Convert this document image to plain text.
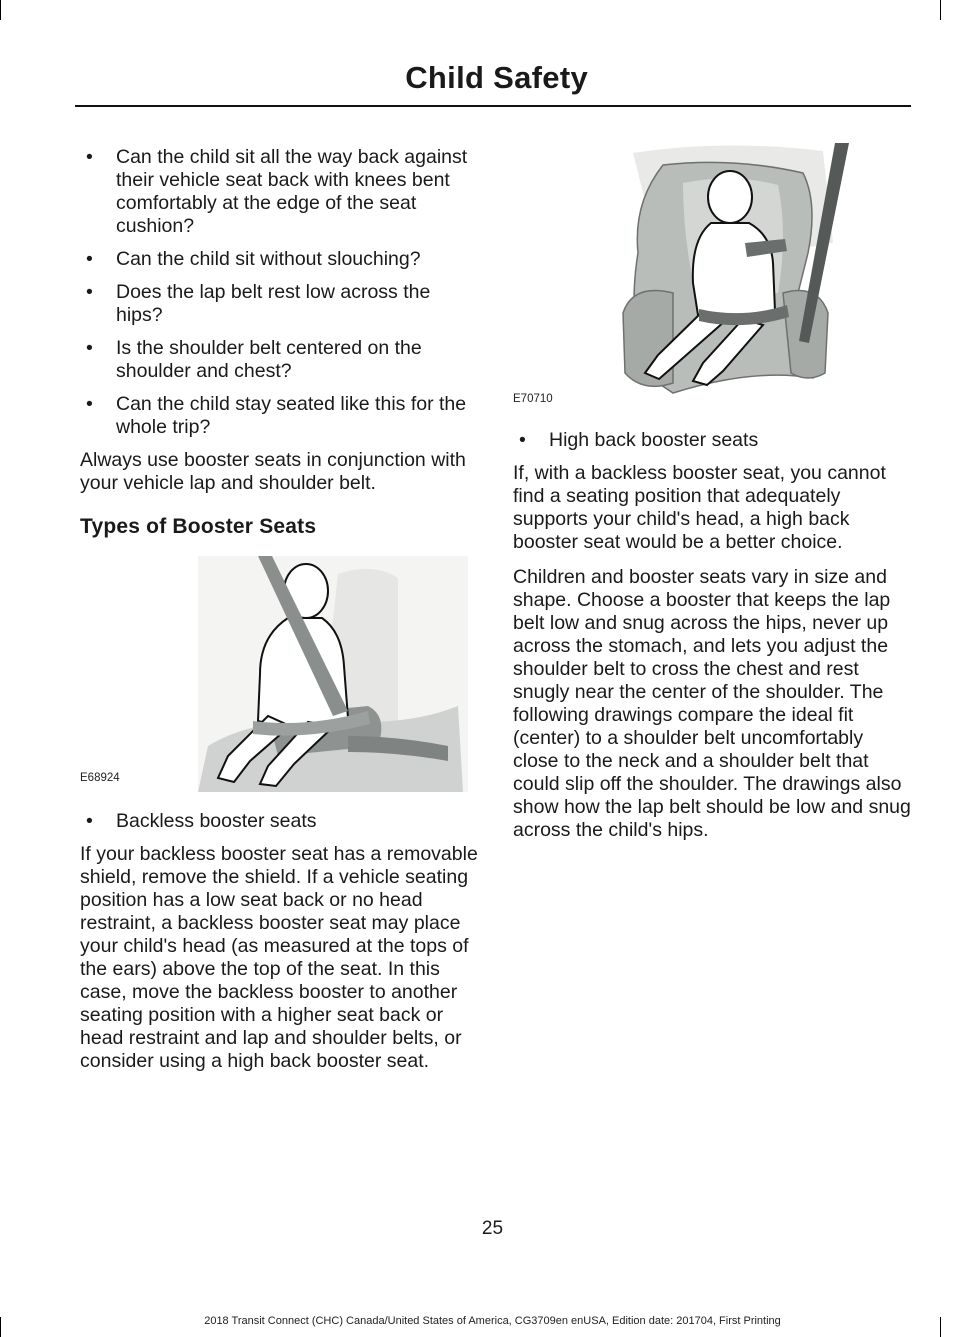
Child Safety
• Can the child sit all the way back against their vehicle seat back with knees bent comfortably at the edge of the seat cushion?
• Can the child sit without slouching?
• Does the lap belt rest low across the hips?
• Is the shoulder belt centered on the shoulder and chest?
• Can the child stay seated like this for the whole trip?

Always use booster seats in conjunction with your vehicle lap and shoulder belt.

Types of Booster Seats
E68924
• Backless booster seats

If your backless booster seat has a removable shield, remove the shield. If a vehicle seating position has a low seat back or no head restraint, a backless booster seat may place your child's head (as measured at the tops of the ears) above the top of the seat. In this case, move the backless booster to another seating position with a higher seat back or head restraint and lap and shoulder belts, or consider using a high back booster seat.

E70710
• High back booster seats

If, with a backless booster seat, you cannot find a seating position that adequately supports your child's head, a high back booster seat would be a better choice.

Children and booster seats vary in size and shape. Choose a booster that keeps the lap belt low and snug across the hips, never up across the stomach, and lets you adjust the shoulder belt to cross the chest and rest snugly near the center of the shoulder. The following drawings compare the ideal fit (center) to a shoulder belt uncomfortably close to the neck and a shoulder belt that could slip off the shoulder. The drawings also show how the lap belt should be low and snug across the child's hips.

25
2018 Transit Connect (CHC) Canada/United States of America, CG3709en enUSA, Edition date: 201704, First Printing
